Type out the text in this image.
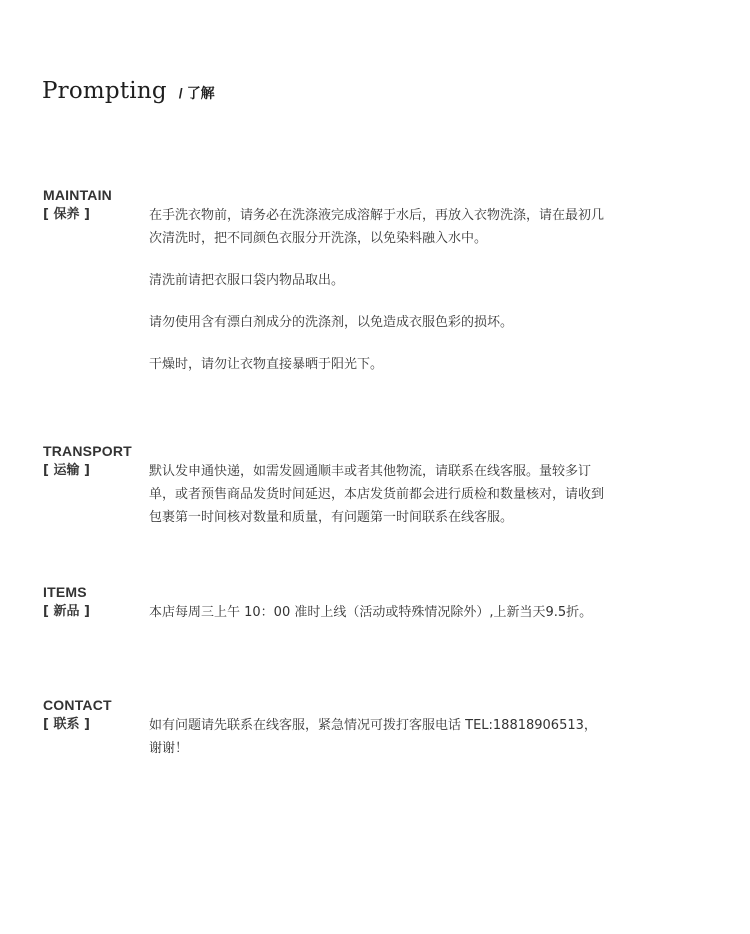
Prompting / 了解
MAINTAIN
[ 保养 ]	在手洗衣物前，请务必在洗涤液完成溶解于水后，再放入衣物洗涤，请在最初几次清洗时，把不同颜色衣服分开洗涤，以免染料融入水中。

清洗前请把衣服口袋内物品取出。

请勿使用含有漂白剂成分的洗涤剂，以免造成衣服色彩的损坏。

干燥时，请勿让衣物直接暴晒于阳光下。

TRANSPORT
[ 运输 ]	默认发申通快递，如需发圆通顺丰或者其他物流，请联系在线客服。量较多订单，或者预售商品发货时间延迟，本店发货前都会进行质检和数量核对，请收到包裹第一时间核对数量和质量，有问题第一时间联系在线客服。

ITEMS
[ 新品 ]	本店每周三上午 10：00 准时上线（活动或特殊情况除外）,上新当天9.5折。

CONTACT
[ 联系 ]	如有问题请先联系在线客服，紧急情况可拨打客服电话 TEL:18818906513，谢谢！
